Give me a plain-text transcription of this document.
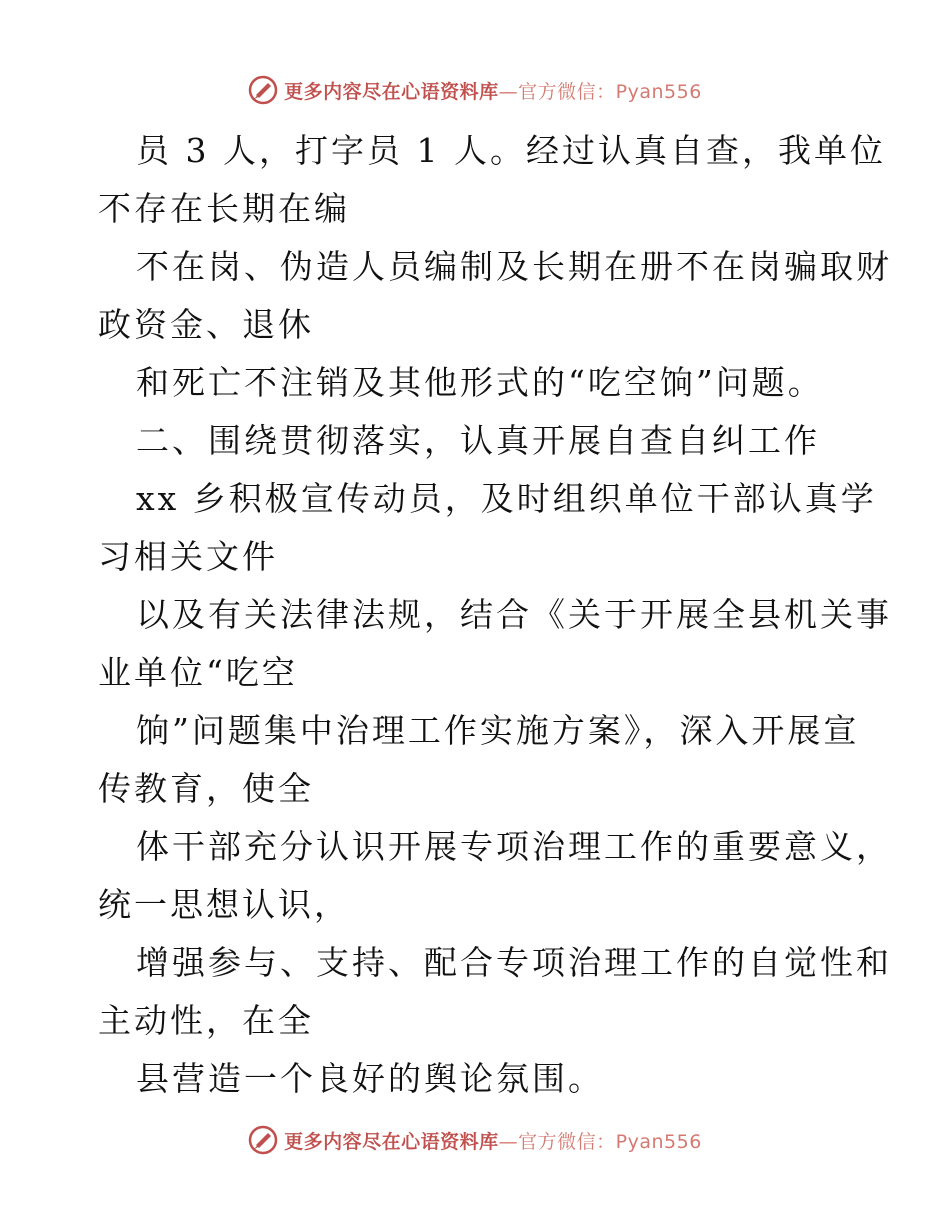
更多内容尽在心语资料库—官方微信：Pyan556
员 3 人，打字员 1 人。经过认真自查，我单位
不存在长期在编
不在岗、伪造人员编制及长期在册不在岗骗取财
政资金、退休
和死亡不注销及其他形式的“吃空饷”问题。
二、围绕贯彻落实，认真开展自查自纠工作
xx 乡积极宣传动员，及时组织单位干部认真学
习相关文件
以及有关法律法规，结合《关于开展全县机关事
业单位“吃空
饷”问题集中治理工作实施方案》，深入开展宣
传教育，使全
体干部充分认识开展专项治理工作的重要意义，
统一思想认识，
增强参与、支持、配合专项治理工作的自觉性和
主动性，在全
县营造一个良好的舆论氛围。
更多内容尽在心语资料库—官方微信：Pyan556
